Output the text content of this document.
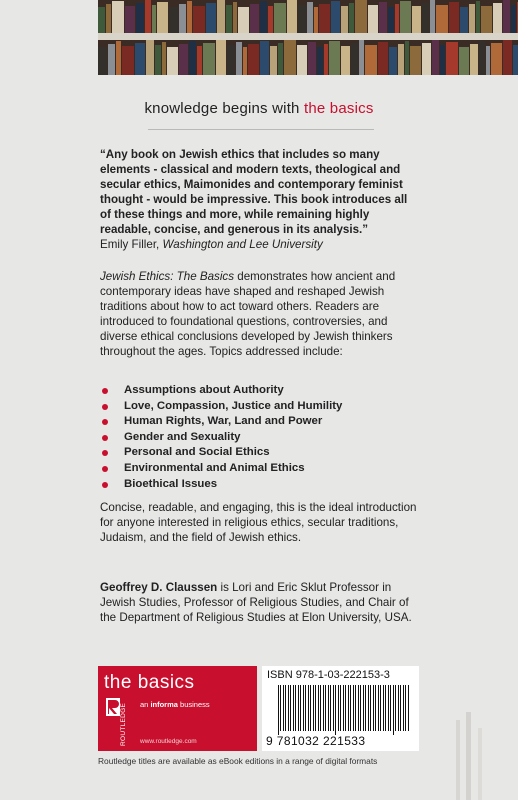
knowledge begins with the basics
“Any book on Jewish ethics that includes so many elements - classical and modern texts, theological and secular ethics, Maimonides and contemporary feminist thought - would be impressive. This book introduces all of these things and more, while remaining highly readable, concise, and generous in its analysis.”
Emily Filler, Washington and Lee University
Jewish Ethics: The Basics demonstrates how ancient and contemporary ideas have shaped and reshaped Jewish traditions about how to act toward others. Readers are introduced to foundational questions, controversies, and diverse ethical conclusions developed by Jewish thinkers throughout the ages. Topics addressed include:
Assumptions about Authority
Love, Compassion, Justice and Humility
Human Rights, War, Land and Power
Gender and Sexuality
Personal and Social Ethics
Environmental and Animal Ethics
Bioethical Issues
Concise, readable, and engaging, this is the ideal introduction for anyone interested in religious ethics, secular traditions, Judaism, and the field of Jewish ethics.
Geoffrey D. Claussen is Lori and Eric Sklut Professor in Jewish Studies, Professor of Religious Studies, and Chair of the Department of Religious Studies at Elon University, USA.
the basics
ROUTLEDGE an informa business
www.routledge.com
ISBN 978-1-03-222153-3
9 781032 221533
Routledge titles are available as eBook editions in a range of digital formats
